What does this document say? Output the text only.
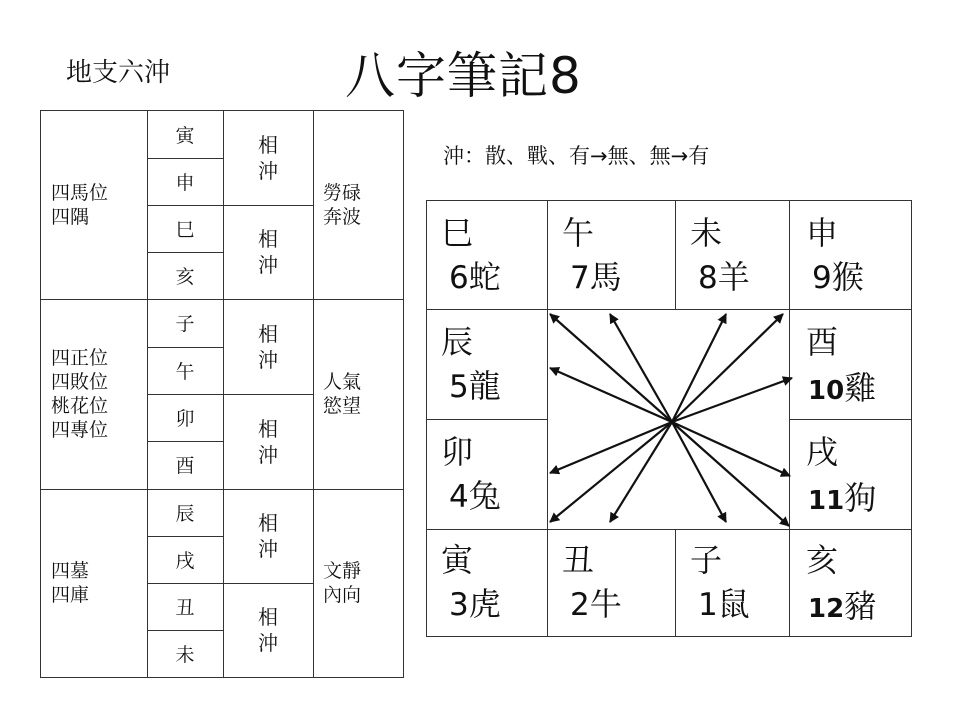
地支六沖	八字筆記8
沖：散、戰、有→無、無→有
四馬位
四隅
寅
申
巳
亥
相沖
相沖
勞碌
奔波
四正位
四敗位
桃花位
四專位
子
午
卯
酉
相沖
相沖
人氣
慾望
四墓
四庫
辰
戌
丑
未
相沖
相沖
文靜
內向
巳
6蛇
午
7馬
未
8羊
申
9猴
辰
5龍
酉
10雞
卯
4兔
戌
11狗
寅
3虎
丑
2牛
子
1鼠
亥
12豬
